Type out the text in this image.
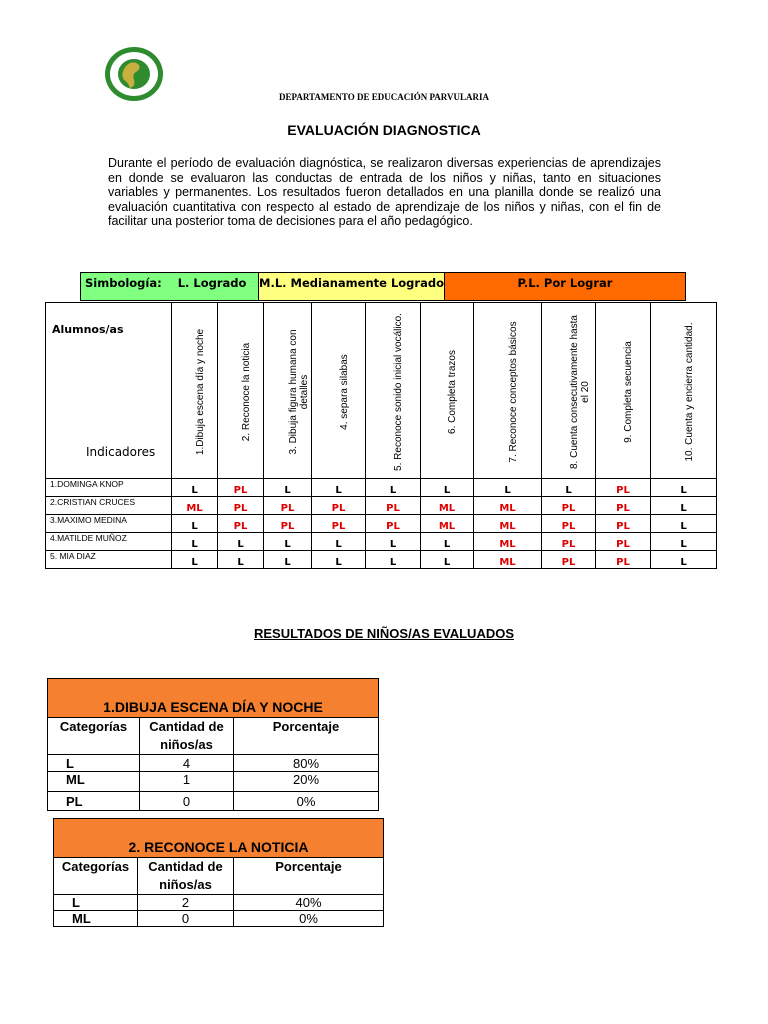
DEPARTAMENTO DE EDUCACIÓN PARVULARIA
EVALUACIÓN DIAGNOSTICA
Durante el período de evaluación diagnóstica, se realizaron diversas experiencias de aprendizajes en donde se evaluaron las conductas de entrada de los niños y niñas, tanto en situaciones variables y permanentes. Los resultados fueron detallados en una planilla donde se realizó una evaluación cuantitativa con respecto al estado de aprendizaje de los niños y niñas, con el fin de facilitar una posterior toma de decisiones para el año pedagógico.
Simbología: L. Logrado M.L. Medianamente Logrado	P.L. Por Lograr
Alumnos/as
Indicadores	1.Dibuja escena día y noche	2. Reconoce la noticia	3. Dibuja figura humana con detalles	4. separa silabas	5. Reconoce sonido inicial vocálico.	6. Completa trazos	7. Reconoce conceptos básicos	8. Cuenta consecutivamente hasta el 20	9. Completa secuencia	10. Cuenta y encierra cantidad.

1.DOMINGA KNOP	L	PL	L	L	L	L	L	L	PL	L
2.CRISTIAN CRUCES	ML	PL	PL	PL	PL	ML	ML	PL	PL	L
3.MAXIMO MEDINA	L	PL	PL	PL	PL	ML	ML	PL	PL	L
4.MATILDE MUÑOZ	L	L	L	L	L	L	ML	PL	PL	L
5. MIA DIAZ	L	L	L	L	L	L	ML	PL	PL	L
RESULTADOS DE NIÑOS/AS EVALUADOS
1.DIBUJA ESCENA DÍA Y NOCHE		
Categorías	Cantidad de niños/as	Porcentaje
L	4	80%
ML	1	20%
PL	0	0%
2. RECONOCE LA NOTICIA		
Categorías	Cantidad de niños/as	Porcentaje
L	2	40%
ML	0	0%
